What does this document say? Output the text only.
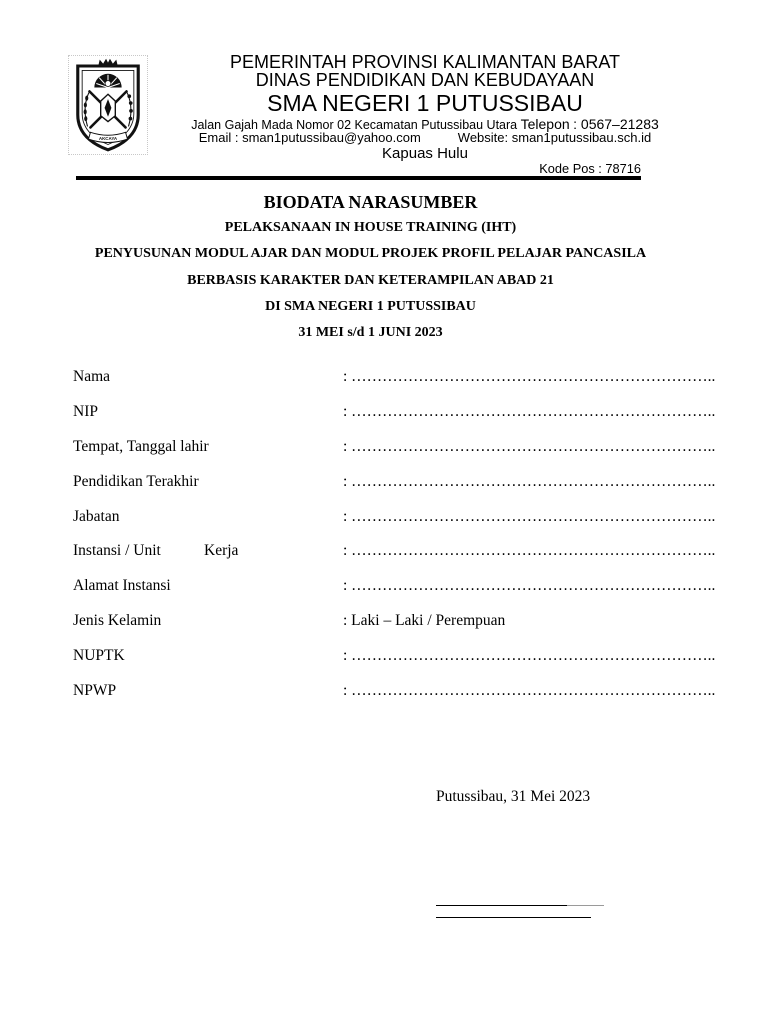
AKCAYA
PEMERINTAH PROVINSI KALIMANTAN BARAT
DINAS PENDIDIKAN DAN KEBUDAYAAN
SMA NEGERI 1 PUTUSSIBAU
Jalan Gajah Mada Nomor 02 Kecamatan Putussibau Utara Telepon : 0567–21283
Email : sman1putussibau@yahoo.com	Website: sman1putussibau.sch.id
Kapuas Hulu
Kode Pos : 78716
BIODATA NARASUMBER
PELAKSANAAN IN HOUSE TRAINING (IHT)
PENYUSUNAN MODUL AJAR DAN MODUL PROJEK PROFIL PELAJAR PANCASILA
BERBASIS KARAKTER DAN KETERAMPILAN ABAD 21
DI SMA NEGERI 1 PUTUSSIBAU
31 MEI s/d 1 JUNI 2023
Nama	: ……………………………………………………………..
NIP	: ……………………………………………………………..
Tempat, Tanggal lahir	: ……………………………………………………………..
Pendidikan Terakhir	: ……………………………………………………………..
Jabatan	: ……………………………………………………………..
Instansi / Unit	Kerja	: ……………………………………………………………..
Alamat Instansi	: ……………………………………………………………..
Jenis Kelamin	: Laki – Laki / Perempuan
NUPTK	: ……………………………………………………………..
NPWP	: ……………………………………………………………..
Putussibau, 31 Mei 2023
